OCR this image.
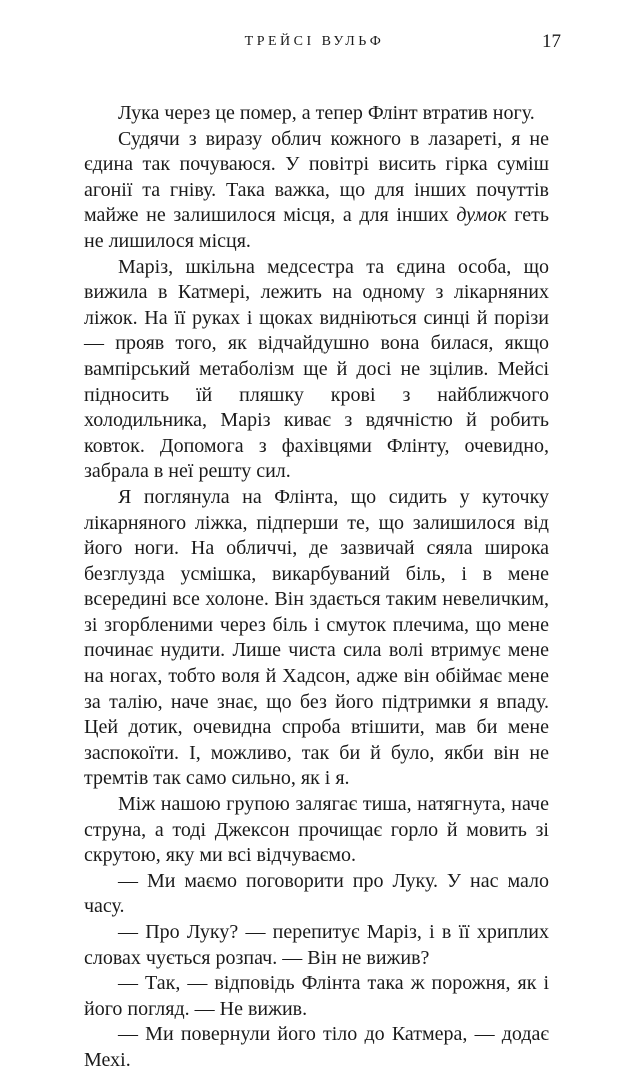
ТРЕЙСІ ВУЛЬФ	17

Лука через це помер, а тепер Флінт втратив ногу.

Судячи з виразу облич кожного в лазареті, я не єдина так почуваюся. У повітрі висить гірка суміш агонії та гніву. Така важка, що для інших почуттів майже не залишилося місця, а для інших думок геть не лишилося місця.

Маріз, шкільна медсестра та єдина особа, що вижила в Катмері, лежить на одному з лікарняних ліжок. На її руках і щоках видніються синці й порізи — прояв того, як відчайдушно вона билася, якщо вампірський метаболізм ще й досі не зцілив. Мейсі підносить їй пляшку крові з найближчого холодильника, Маріз киває з вдячністю й робить ковток. Допомога з фахівцями Флінту, очевидно, забрала в неї решту сил.

Я поглянула на Флінта, що сидить у куточку лікарняного ліжка, підперши те, що залишилося від його ноги. На обличчі, де зазвичай сяяла широка безглузда усмішка, викарбуваний біль, і в мене всередині все холоне. Він здається таким невеличким, зі згорбленими через біль і смуток плечима, що мене починає нудити. Лише чиста сила волі втримує мене на ногах, тобто воля й Хадсон, адже він обіймає мене за талію, наче знає, що без його підтримки я впаду. Цей дотик, очевидна спроба втішити, мав би мене заспокоїти. І, можливо, так би й було, якби він не тремтів так само сильно, як і я.

Між нашою групою залягає тиша, натягнута, наче струна, а тоді Джексон прочищає горло й мовить зі скрутою, яку ми всі відчуваємо.

— Ми маємо поговорити про Луку. У нас мало часу.

— Про Луку? — перепитує Маріз, і в її хриплих словах чується розпач. — Він не вижив?

— Так, — відповідь Флінта така ж порожня, як і його погляд. — Не вижив.

— Ми повернули його тіло до Катмера, — додає Мехі.
